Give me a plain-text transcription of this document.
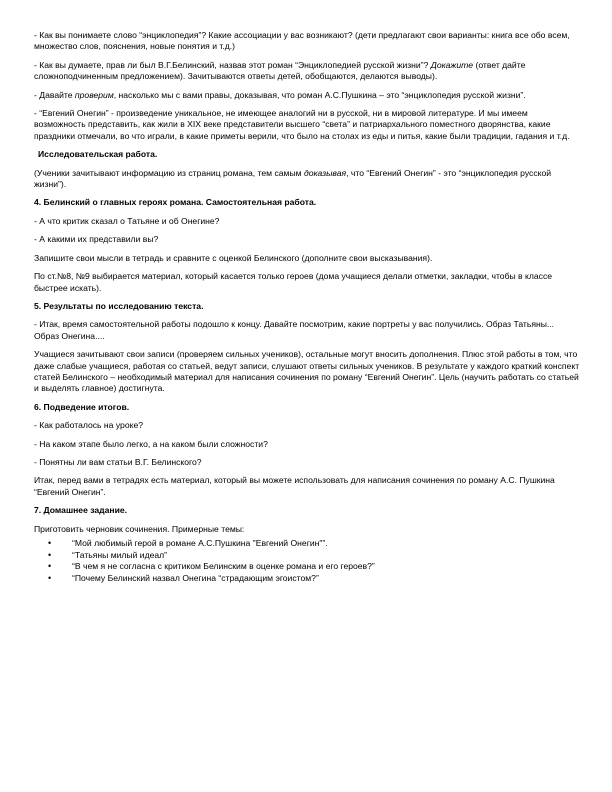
- Как вы понимаете слово “энциклопедия”? Какие ассоциации у вас возникают? (дети предлагают свои варианты: книга все обо всем, множество слов, пояснения, новые понятия и т.д.)

- Как вы думаете, прав ли был В.Г.Белинский, назвав этот роман “Энциклопедией русской жизни”? Докажите (ответ дайте сложноподчиненным предложением). Зачитываются ответы детей, обобщаются, делаются выводы).

- Давайте проверим, насколько мы с вами правы, доказывая, что роман А.С.Пушкина – это “энциклопедия русской жизни”.

- “Евгений Онегин” - произведение уникальное, не имеющее аналогий ни в русской, ни в мировой литературе. И мы имеем возможность представить, как жили в XIX веке представители высшего “света” и патриархального поместного дворянства, какие праздники отмечали, во что играли, в какие приметы верили, что было на столах из еды и питья, какие были традиции, гадания и т.д.

Исследовательская работа.

(Ученики зачитывают информацию из страниц романа, тем самым доказывая, что “Евгений Онегин” - это “энциклопедия русской жизни”).

4. Белинский о главных героях романа. Самостоятельная работа.

- А что критик сказал о Татьяне и об Онегине?

- А какими их представили вы?

Запишите свои мысли в тетрадь и сравните с оценкой Белинского (дополните свои высказывания).

По ст.№8, №9 выбирается материал, который касается только героев (дома учащиеся делали отметки, закладки, чтобы в классе быстрее искать).

5. Результаты по исследованию текста.

- Итак, время самостоятельной работы подошло к концу. Давайте посмотрим, какие портреты у вас получились. Образ Татьяны... Образ Онегина....

Учащиеся зачитывают свои записи (проверяем сильных учеников), остальные могут вносить дополнения. Плюс этой работы в том, что даже слабые учащиеся, работая со статьей, ведут записи, слушают ответы сильных учеников. В результате у каждого краткий конспект статей Белинского – необходимый материал для написания сочинения по роману “Евгений Онегин”. Цель (научить работать со статьей и выделять главное) достигнута.

6. Подведение итогов.

- Как работалось на уроке?

- На каком этапе было легко, а на каком были сложности?

- Понятны ли вам статьи В.Г. Белинского?

Итак, перед вами в тетрадях есть материал, который вы можете использовать для написания сочинения по роману А.С. Пушкина “Евгений Онегин”.

7. Домашнее задание.

Приготовить черновик сочинения. Примерные темы:

• “Мой любимый герой в романе А.С.Пушкина "Евгений Онегин"”.
• “Татьяны милый идеал”
• “В чем я не согласна с критиком Белинским в оценке романа и его героев?”
• “Почему Белинский назвал Онегина “страдающим эгоистом?”
